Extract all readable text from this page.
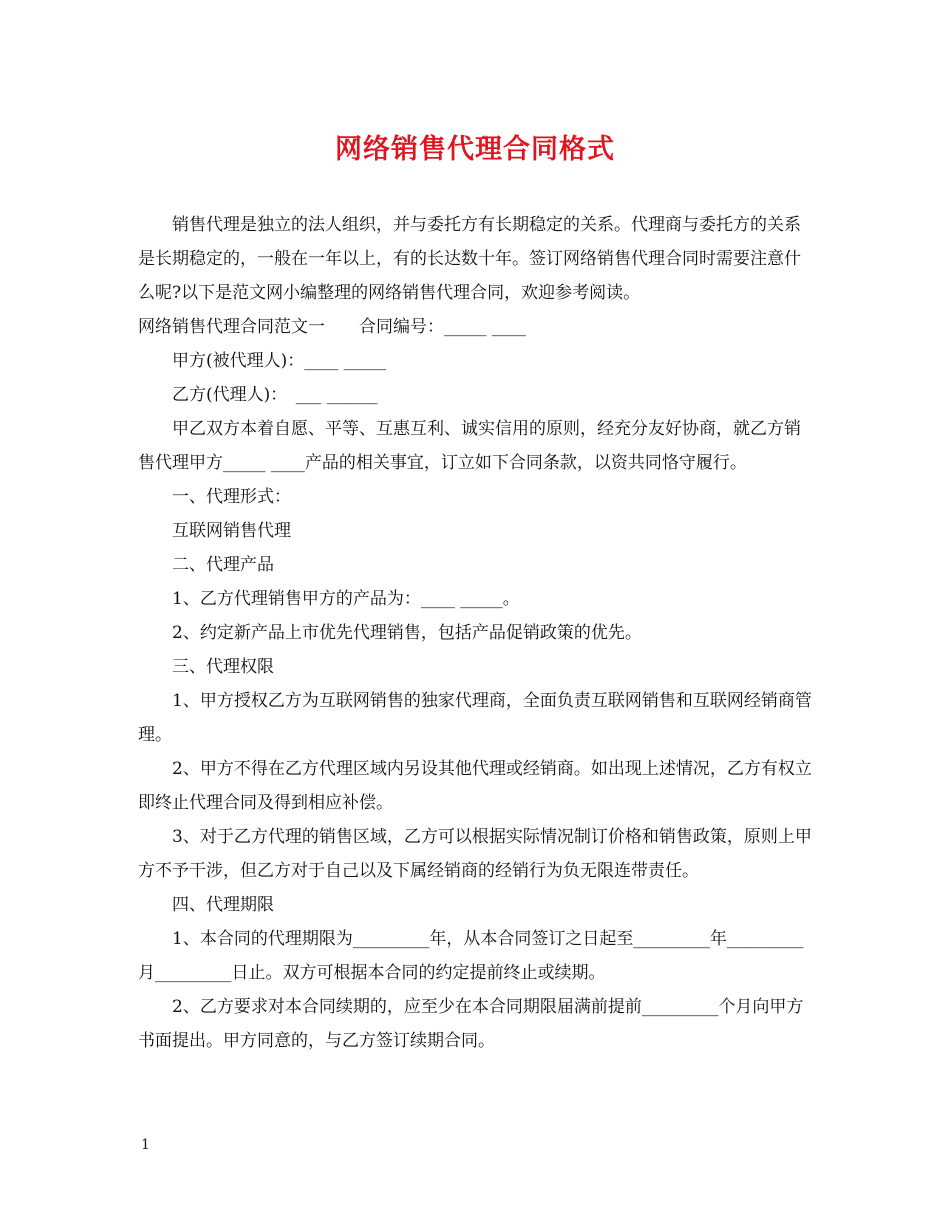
网络销售代理合同格式

销售代理是独立的法人组织，并与委托方有长期稳定的关系。代理商与委托方的关系是长期稳定的，一般在一年以上，有的长达数十年。签订网络销售代理合同时需要注意什么呢?以下是范文网小编整理的网络销售代理合同，欢迎参考阅读。

网络销售代理合同范文一　　合同编号：_____ ____

甲方(被代理人)：____ _____

乙方(代理人)：　___ ______

甲乙双方本着自愿、平等、互惠互利、诚实信用的原则，经充分友好协商，就乙方销售代理甲方_____ ____产品的相关事宜，订立如下合同条款，以资共同恪守履行。

一、代理形式：

互联网销售代理

二、代理产品

1、乙方代理销售甲方的产品为：____ _____。

2、约定新产品上市优先代理销售，包括产品促销政策的优先。

三、代理权限

1、甲方授权乙方为互联网销售的独家代理商，全面负责互联网销售和互联网经销商管理。

2、甲方不得在乙方代理区域内另设其他代理或经销商。如出现上述情况，乙方有权立即终止代理合同及得到相应补偿。

3、对于乙方代理的销售区域，乙方可以根据实际情况制订价格和销售政策，原则上甲方不予干涉，但乙方对于自己以及下属经销商的经销行为负无限连带责任。

四、代理期限

1、本合同的代理期限为_________年，从本合同签订之日起至_________年_________月_________日止。双方可根据本合同的约定提前终止或续期。

2、乙方要求对本合同续期的，应至少在本合同期限届满前提前_________个月向甲方书面提出。甲方同意的，与乙方签订续期合同。

1
